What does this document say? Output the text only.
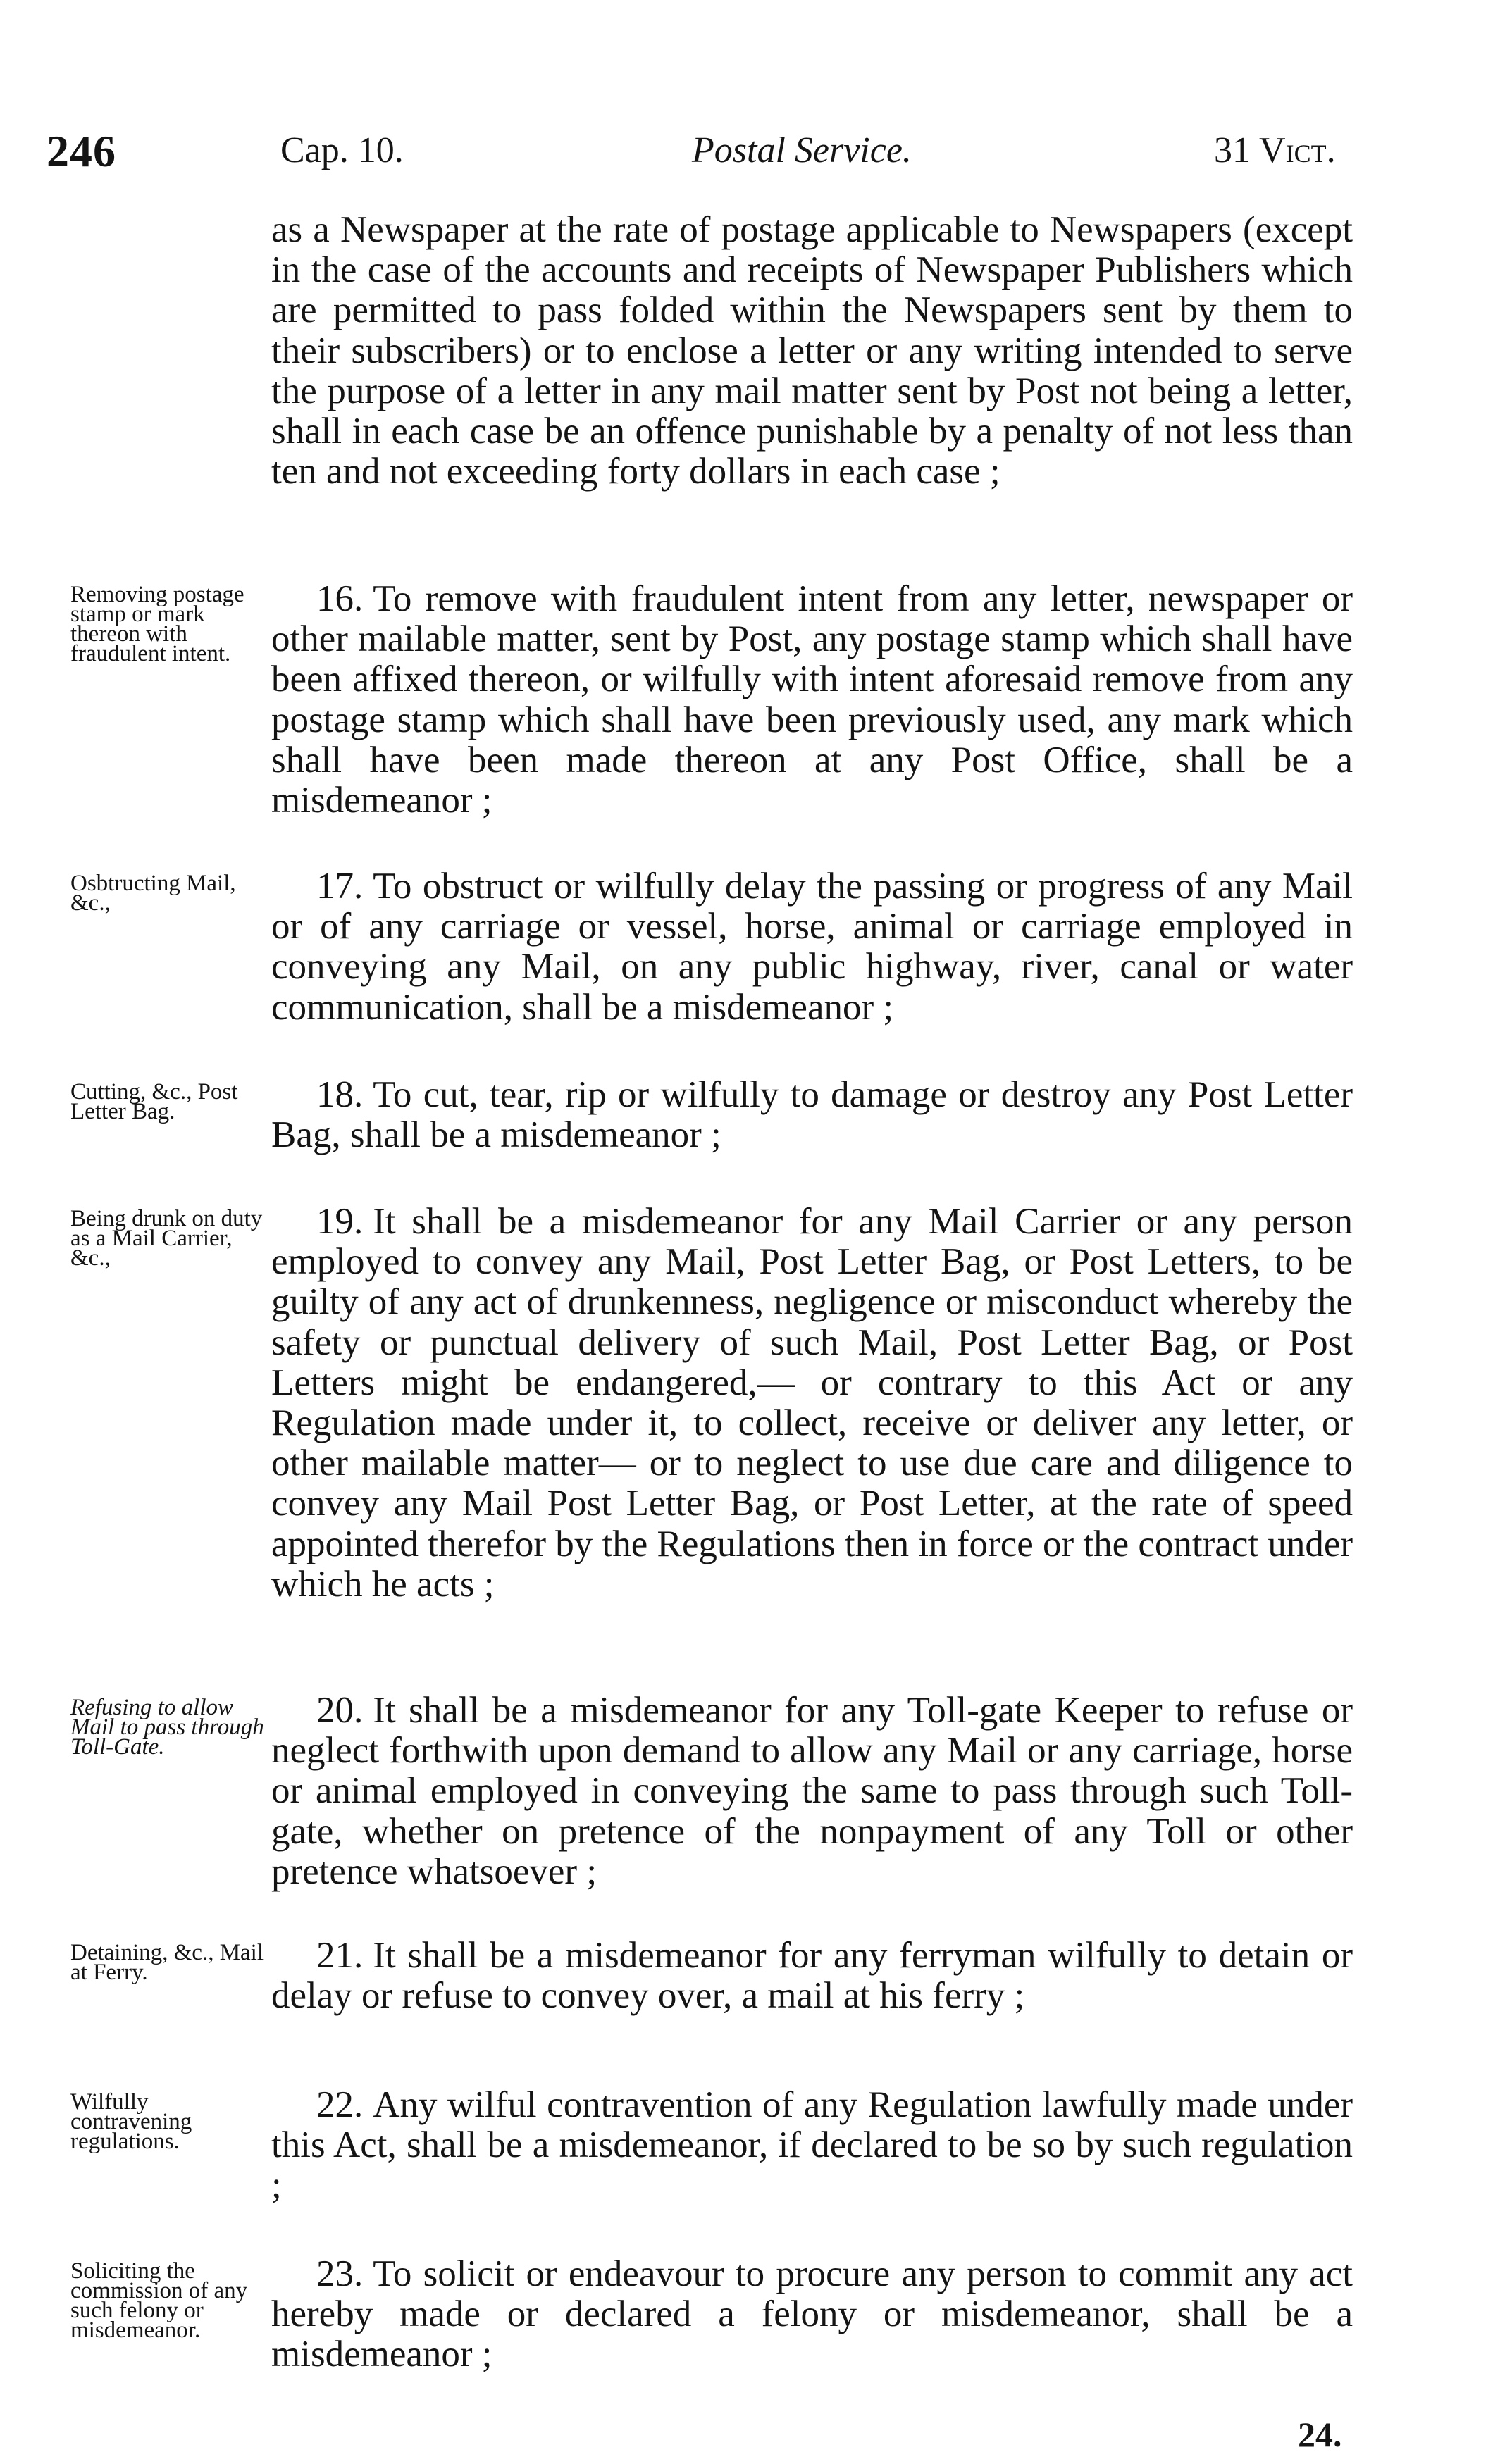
246	Cap. 10.	Postal Service.	31 Vict.

as a Newspaper at the rate of postage applicable to Newspapers (except in the case of the accounts and receipts of Newspaper Publishers which are permitted to pass folded within the Newspapers sent by them to their subscribers) or to enclose a letter or any writing intended to serve the purpose of a letter in any mail matter sent by Post not being a letter, shall in each case be an offence punishable by a penalty of not less than ten and not exceeding forty dollars in each case ;

Removing postage stamp or mark thereon with fraudulent intent.

16. To remove with fraudulent intent from any letter, newspaper or other mailable matter, sent by Post, any postage stamp which shall have been affixed thereon, or wilfully with intent aforesaid remove from any postage stamp which shall have been previously used, any mark which shall have been made thereon at any Post Office, shall be a misdemeanor ;

Osbtructing Mail, &c.,	17. To obstruct or wilfully delay the passing or progress of any Mail or of any carriage or vessel, horse, animal or carriage employed in conveying any Mail, on any public highway, river, canal or water communication, shall be a misdemeanor ;

Cutting, &c., Post Letter Bag.	18. To cut, tear, rip or wilfully to damage or destroy any Post Letter Bag, shall be a misdemeanor ;

Being drunk on duty as a Mail Carrier, &c.,

19. It shall be a misdemeanor for any Mail Carrier or any person employed to convey any Mail, Post Letter Bag, or Post Letters, to be guilty of any act of drunkenness, negligence or misconduct whereby the safety or punctual delivery of such Mail, Post Letter Bag, or Post Letters might be endangered,— or contrary to this Act or any Regulation made under it, to collect, receive or deliver any letter, or other mailable matter— or to neglect to use due care and diligence to convey any Mail Post Letter Bag, or Post Letter, at the rate of speed appointed therefor by the Regulations then in force or the contract under which he acts ;

Refusing to allow Mail to pass through Toll-Gate.

20. It shall be a misdemeanor for any Toll-gate Keeper to refuse or neglect forthwith upon demand to allow any Mail or any carriage, horse or animal employed in conveying the same to pass through such Toll-gate, whether on pretence of the nonpayment of any Toll or other pretence whatsoever ;

Detaining, &c., Mail at Ferry.	21. It shall be a misdemeanor for any ferryman wilfully to detain or delay or refuse to convey over, a mail at his ferry ;

Wilfully contravening regulations.

22. Any wilful contravention of any Regulation lawfully made under this Act, shall be a misdemeanor, if declared to be so by such regulation ;

Soliciting the commission of any such felony or misdemeanor.

23. To solicit or endeavour to procure any person to commit any act hereby made or declared a felony or misdemeanor, shall be a misdemeanor ;

24.
